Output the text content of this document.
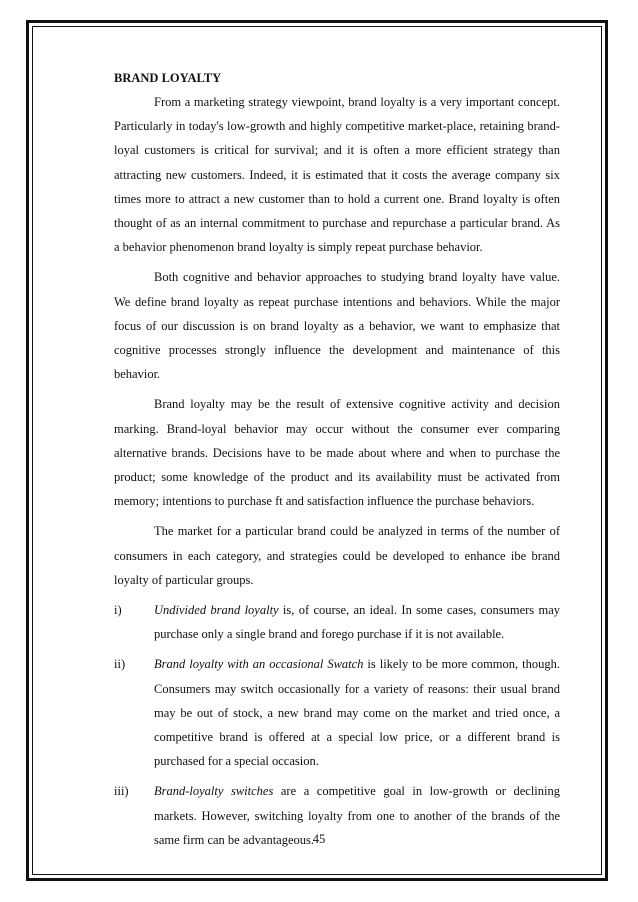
BRAND LOYALTY

From a marketing strategy viewpoint, brand loyalty is a very important concept. Particularly in today's low-growth and highly competitive market-place, retaining brand-loyal customers is critical for survival; and it is often a more efficient strategy than attracting new customers. Indeed, it is estimated that it costs the average company six times more to attract a new customer than to hold a current one. Brand loyalty is often thought of as an internal commitment to purchase and repurchase a particular brand. As a behavior phenomenon brand loyalty is simply repeat purchase behavior.

Both cognitive and behavior approaches to studying brand loyalty have value. We define brand loyalty as repeat purchase intentions and behaviors. While the major focus of our discussion is on brand loyalty as a behavior, we want to emphasize that cognitive processes strongly influence the development and maintenance of this behavior.

Brand loyalty may be the result of extensive cognitive activity and decision marking. Brand-loyal behavior may occur without the consumer ever comparing alternative brands. Decisions have to be made about where and when to purchase the product; some knowledge of the product and its availability must be activated from memory; intentions to purchase ft and satisfaction influence the purchase behaviors.

The market for a particular brand could be analyzed in terms of the number of consumers in each category, and strategies could be developed to enhance ibe brand loyalty of particular groups.

i)	Undivided brand loyalty is, of course, an ideal. In some cases, consumers may purchase only a single brand and forego purchase if it is not available.
ii) Brand loyalty with an occasional Swatch is likely to be more common, though. Consumers may switch occasionally for a variety of reasons: their usual brand may be out of stock, a new brand may come on the market and tried once, a competitive brand is offered at a special low price, or a different brand is purchased for a special occasion.
iii) Brand-loyalty switches are a competitive goal in low-growth or declining markets. However, switching loyalty from one to another of the brands of the same firm can be advantageous.
45
